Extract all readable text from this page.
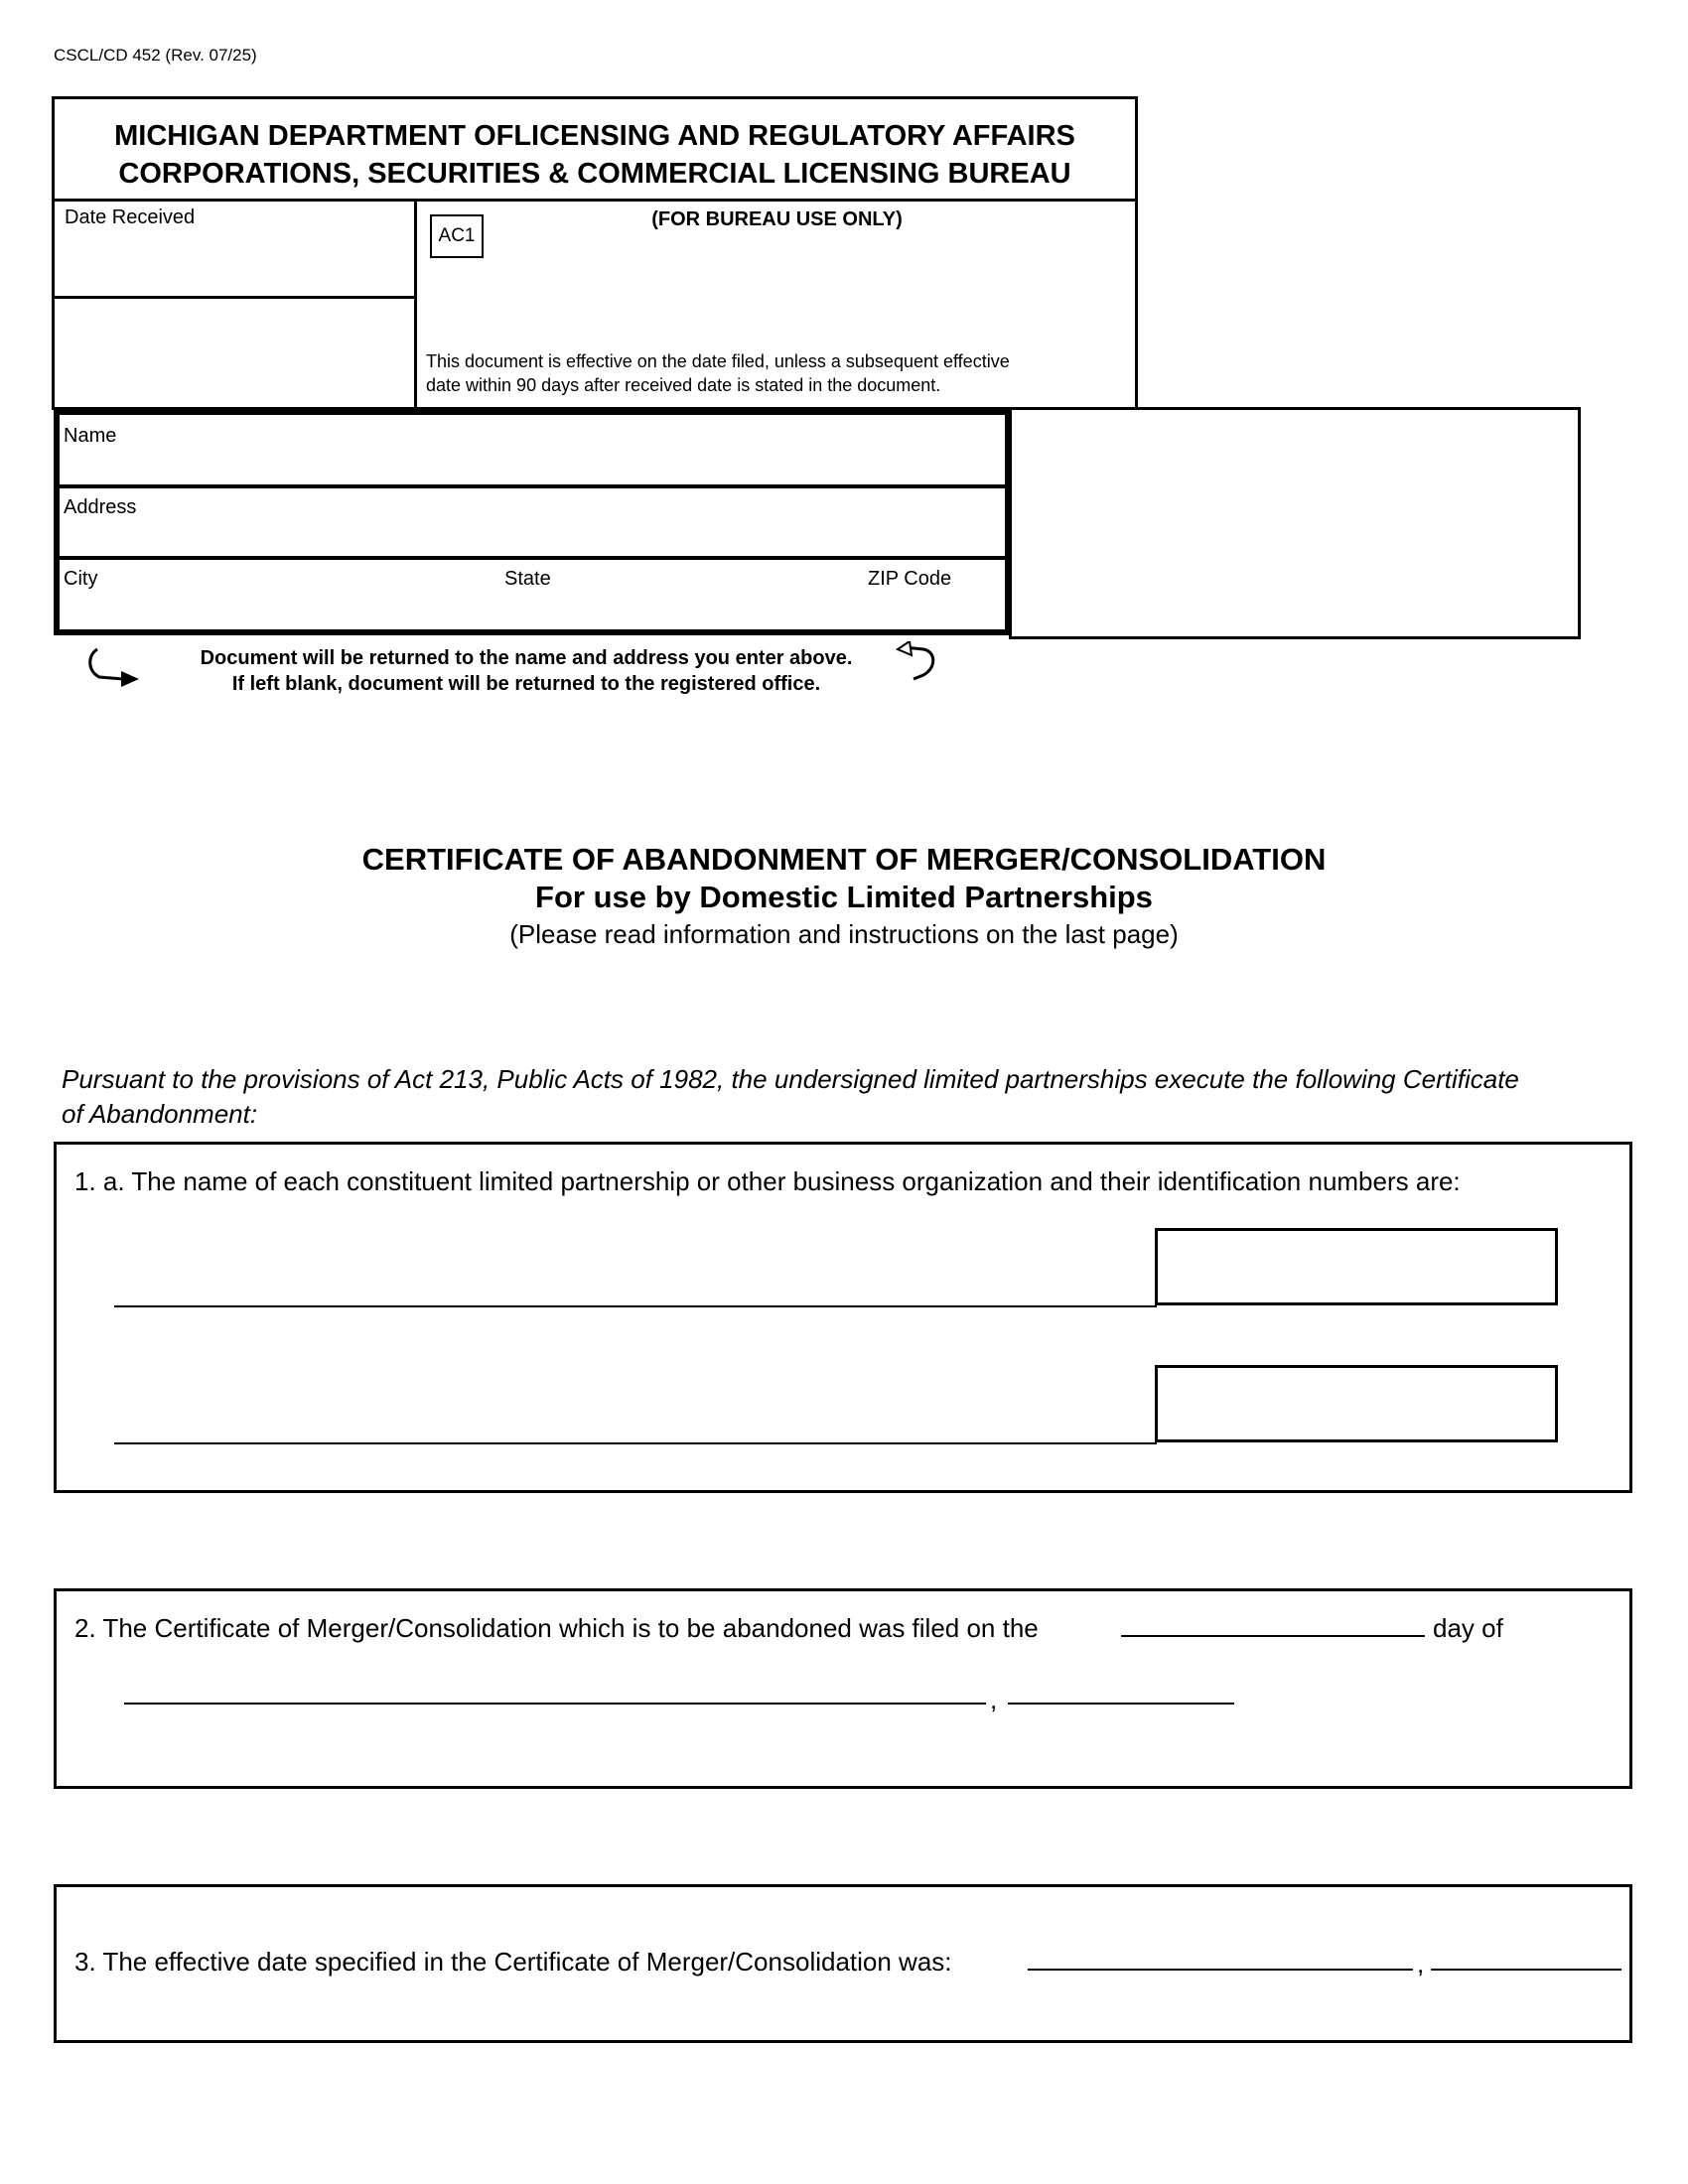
CSCL/CD 452 (Rev. 07/25)
MICHIGAN DEPARTMENT OFLICENSING AND REGULATORY AFFAIRS
CORPORATIONS, SECURITIES & COMMERCIAL LICENSING BUREAU
Date Received
AC1
(FOR BUREAU USE ONLY)
This document is effective on the date filed, unless a subsequent effective
date within 90 days after received date is stated in the document.
Name
Address
City	State	ZIP Code
Document will be returned to the name and address you enter above.
If left blank, document will be returned to the registered office.
CERTIFICATE OF ABANDONMENT OF MERGER/CONSOLIDATION
For use by Domestic Limited Partnerships
(Please read information and instructions on the last page)
Pursuant to the provisions of Act 213, Public Acts of 1982, the undersigned limited partnerships execute the following Certificate
of Abandonment:
1. a. The name of each constituent limited partnership or other business organization and their identification numbers are:
2. The Certificate of Merger/Consolidation which is to be abandoned was filed on the	day of
,
3. The effective date specified in the Certificate of Merger/Consolidation was:	,
